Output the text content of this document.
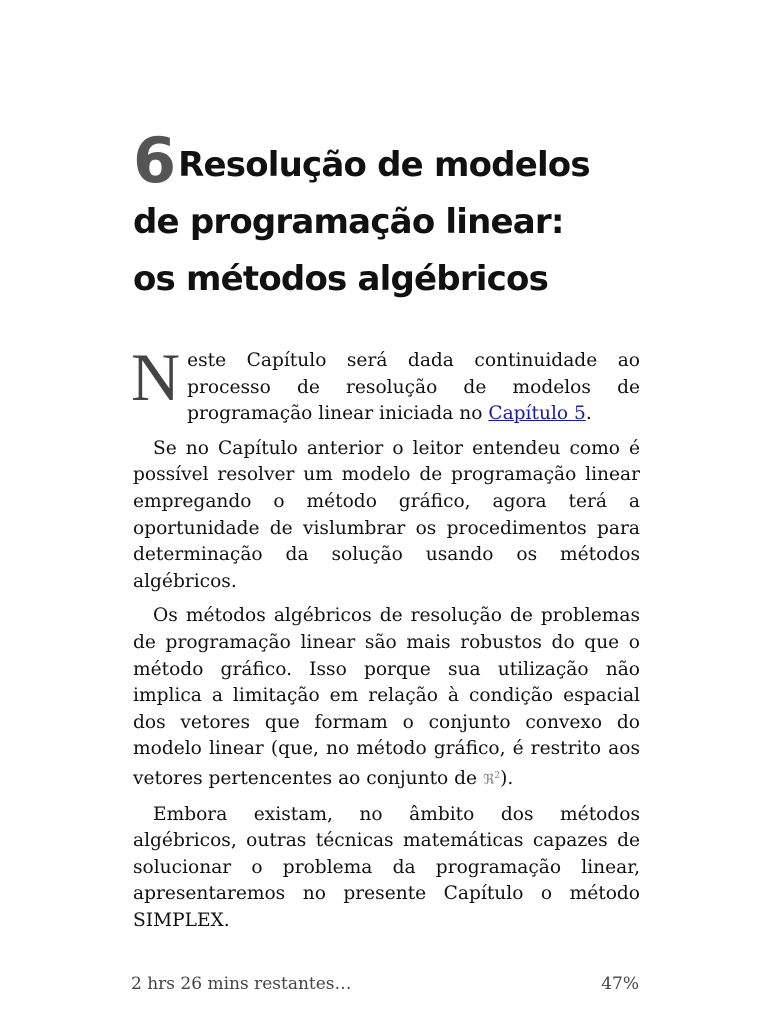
6 Resolução de modelos
de programação linear:
os métodos algébricos

Neste Capítulo será dada continuidade ao processo de resolução de modelos de programação linear iniciada no Capítulo 5.

Se no Capítulo anterior o leitor entendeu como é possível resolver um modelo de programação linear empregando o método gráfico, agora terá a oportunidade de vislumbrar os procedimentos para determinação da solução usando os métodos algébricos.

Os métodos algébricos de resolução de problemas de programação linear são mais robustos do que o método gráfico. Isso porque sua utilização não implica a limitação em relação à condição espacial dos vetores que formam o conjunto convexo do modelo linear (que, no método gráfico, é restrito aos vetores pertencentes ao conjunto de ℜ$^2$).

Embora existam, no âmbito dos métodos algébricos, outras técnicas matemáticas capazes de solucionar o problema da programação linear, apresentaremos no presente Capítulo o método SIMPLEX.

2 hrs 26 mins restantes…	47%
